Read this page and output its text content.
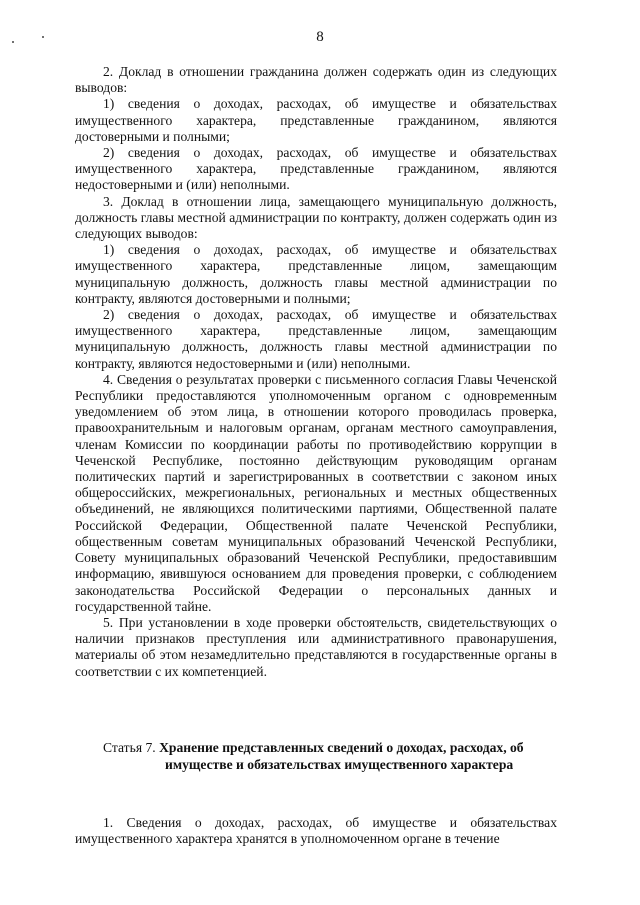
8

2. Доклад в отношении гражданина должен содержать один из следующих выводов:

1) сведения о доходах, расходах, об имуществе и обязательствах имущественного характера, представленные гражданином, являются достоверными и полными;

2) сведения о доходах, расходах, об имуществе и обязательствах имущественного характера, представленные гражданином, являются недостоверными и (или) неполными.

3. Доклад в отношении лица, замещающего муниципальную должность, должность главы местной администрации по контракту, должен содержать один из следующих выводов:

1) сведения о доходах, расходах, об имуществе и обязательствах имущественного характера, представленные лицом, замещающим муниципальную должность, должность главы местной администрации по контракту, являются достоверными и полными;

2) сведения о доходах, расходах, об имуществе и обязательствах имущественного характера, представленные лицом, замещающим муниципальную должность, должность главы местной администрации по контракту, являются недостоверными и (или) неполными.

4. Сведения о результатах проверки с письменного согласия Главы Чеченской Республики предоставляются уполномоченным органом с одновременным уведомлением об этом лица, в отношении которого проводилась проверка, правоохранительным и налоговым органам, органам местного самоуправления, членам Комиссии по координации работы по противодействию коррупции в Чеченской Республике, постоянно действующим руководящим органам политических партий и зарегистрированных в соответствии с законом иных общероссийских, межрегиональных, региональных и местных общественных объединений, не являющихся политическими партиями, Общественной палате Российской Федерации, Общественной палате Чеченской Республики, общественным советам муниципальных образований Чеченской Республики, Совету муниципальных образований Чеченской Республики, предоставившим информацию, явившуюся основанием для проведения проверки, с соблюдением законодательства Российской Федерации о персональных данных и государственной тайне.

5. При установлении в ходе проверки обстоятельств, свидетельствующих о наличии признаков преступления или административного правонарушения, материалы об этом незамедлительно представляются в государственные органы в соответствии с их компетенцией.

Статья 7. Хранение представленных сведений о доходах, расходах, об
имуществе и обязательствах имущественного характера

1. Сведения о доходах, расходах, об имуществе и обязательствах имущественного характера хранятся в уполномоченном органе в течение
